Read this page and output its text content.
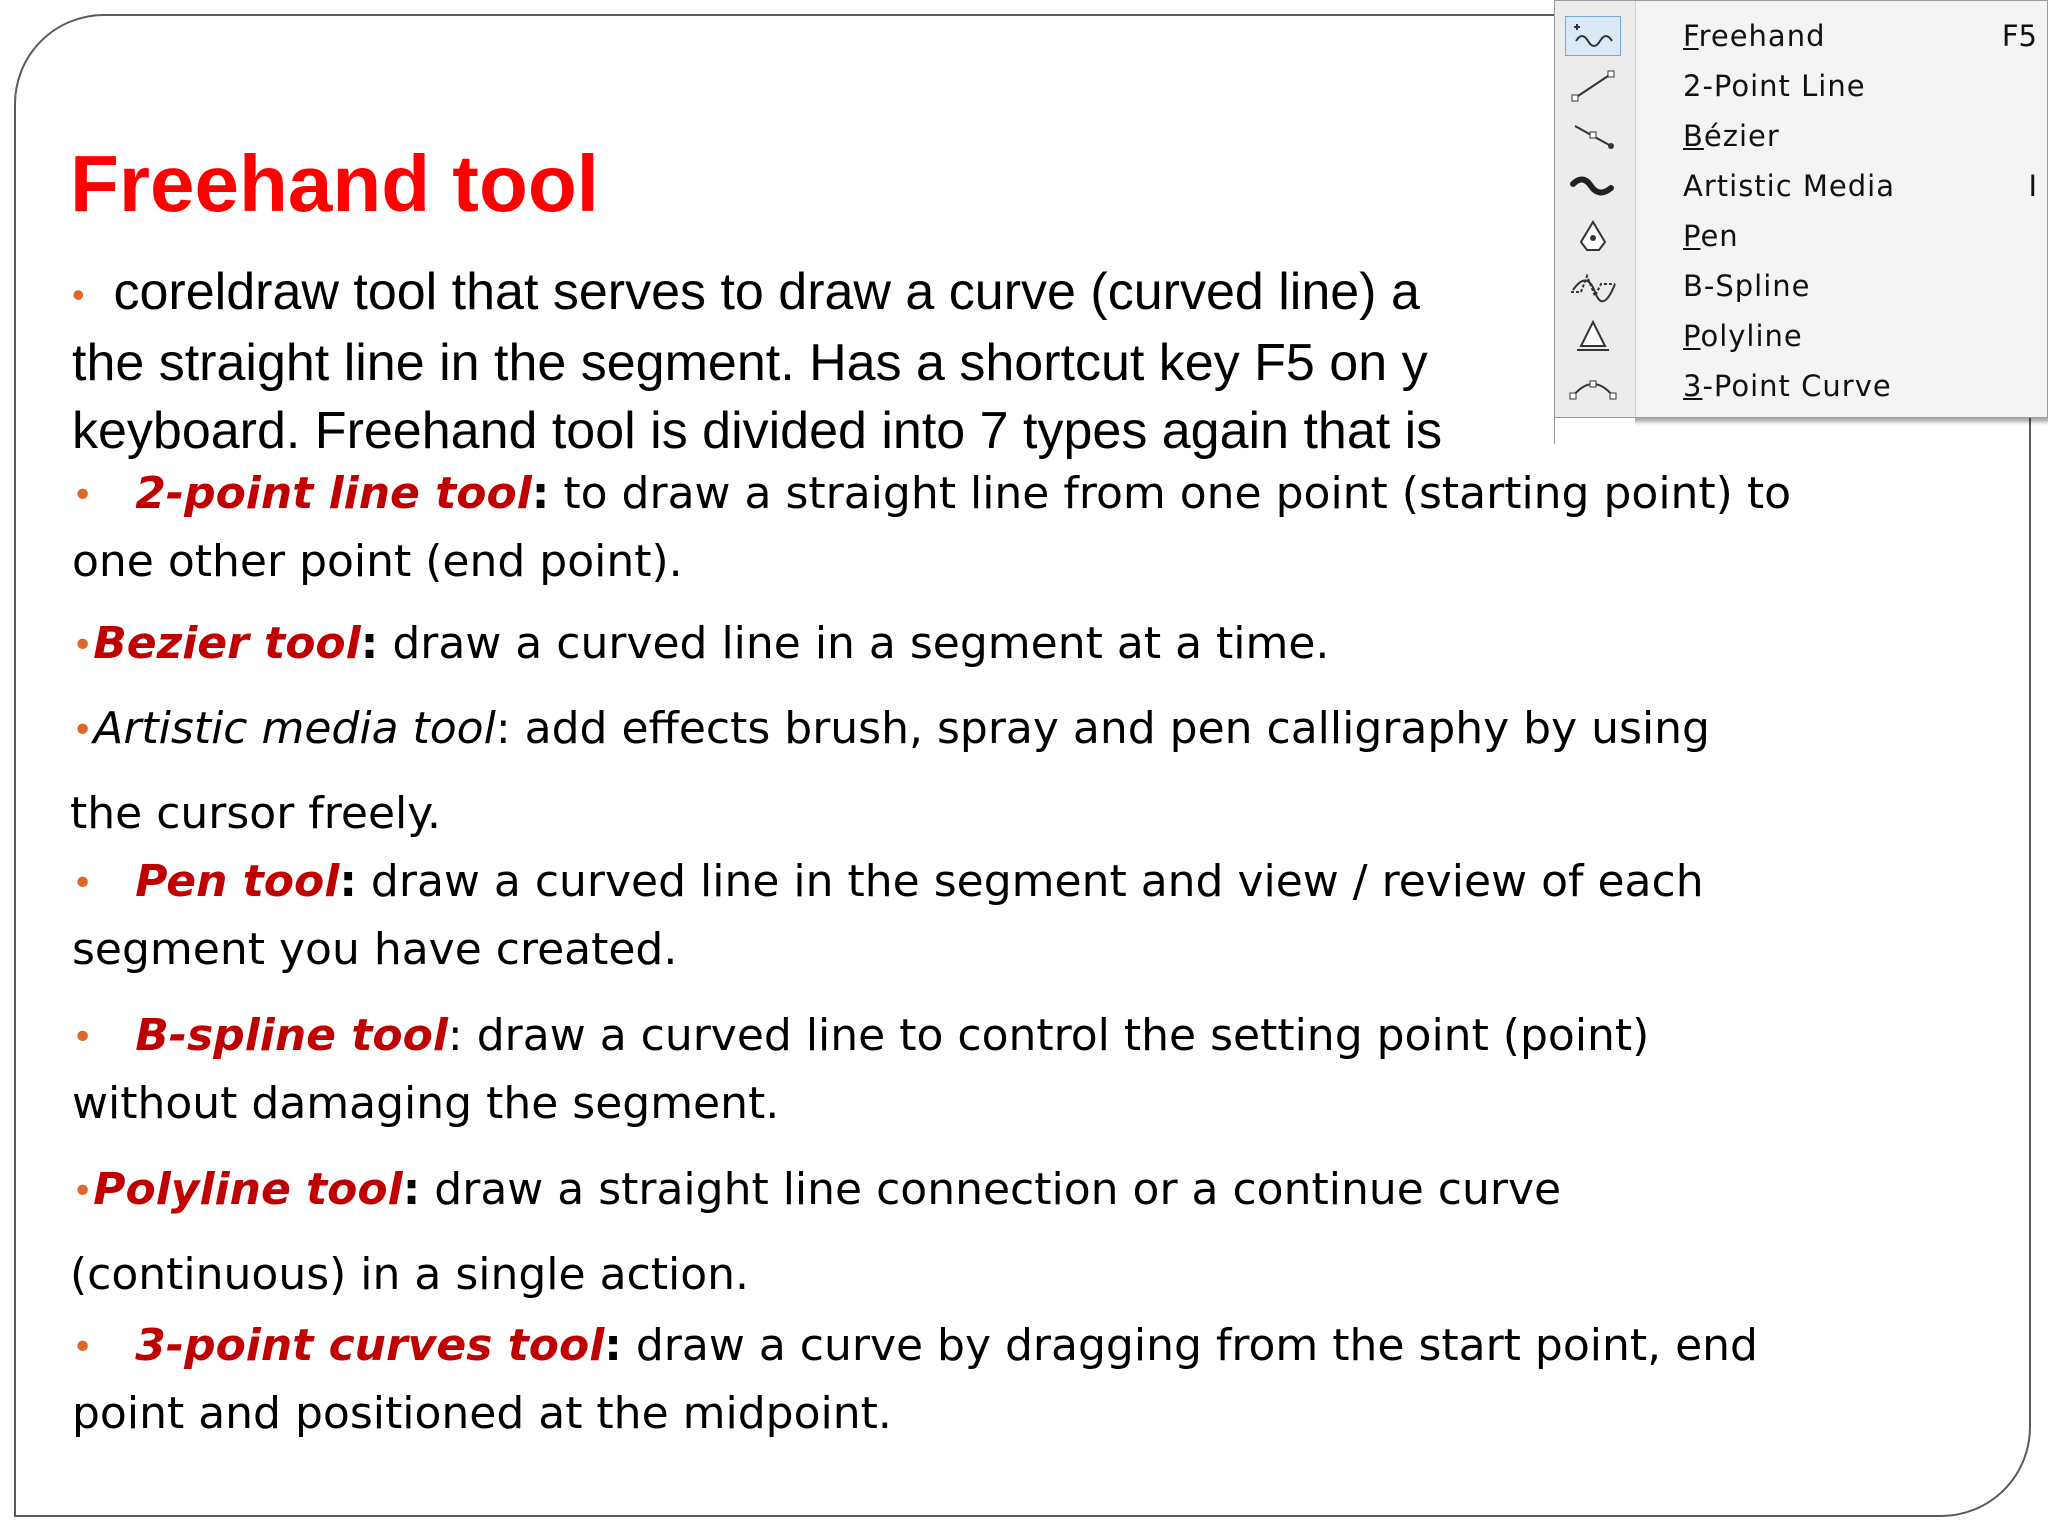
Freehand tool
• coreldraw tool that serves to draw a curve (curved line) a
the straight line in the segment. Has a shortcut key F5 on y
keyboard. Freehand tool is divided into 7 types again that is
• 2-point line tool: to draw a straight line from one point (starting point) to
one other point (end point).
•Bezier tool: draw a curved line in a segment at a time.
•Artistic media tool: add effects brush, spray and pen calligraphy by using
the cursor freely.
• Pen tool: draw a curved line in the segment and view / review of each
segment you have created.
• B-spline tool: draw a curved line to control the setting point (point)
without damaging the segment.
•Polyline tool: draw a straight line connection or a continue curve
(continuous) in a single action.
• 3-point curves tool: draw a curve by dragging from the start point, end
point and positioned at the midpoint.
Freehand	F5
2-Point Line
Bézier
Artistic Media	I
Pen
B-Spline
Polyline
3-Point Curve
